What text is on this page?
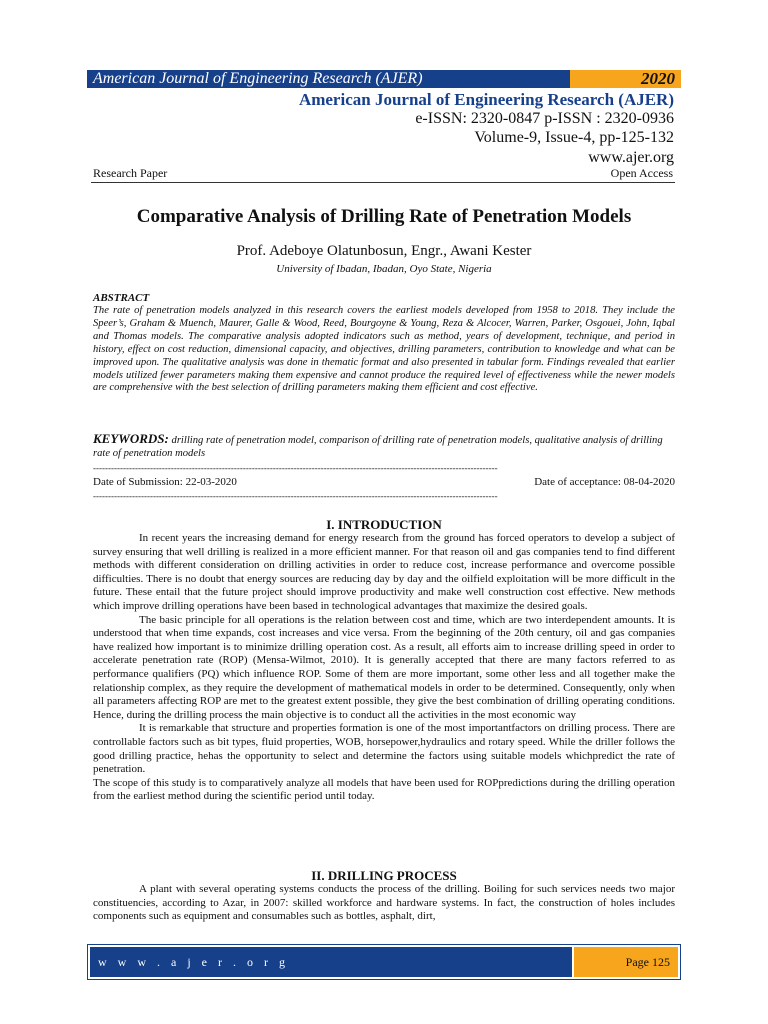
American Journal of Engineering Research (AJER)	2020
American Journal of Engineering Research (AJER)
e-ISSN: 2320-0847 p-ISSN : 2320-0936
Volume-9, Issue-4, pp-125-132
www.ajer.org
Research Paper	Open Access
Comparative Analysis of Drilling Rate of Penetration Models
Prof. Adeboye Olatunbosun, Engr., Awani Kester
University of Ibadan, Ibadan, Oyo State, Nigeria
ABSTRACT
The rate of penetration models analyzed in this research covers the earliest models developed from 1958 to 2018. They include the Speer’s, Graham & Muench, Maurer, Galle & Wood, Reed, Bourgoyne & Young, Reza & Alcocer, Warren, Parker, Osgouei, John, Iqbal and Thomas models. The comparative analysis adopted indicators such as method, years of development, technique, and period in history, effect on cost reduction, dimensional capacity, and objectives, drilling parameters, contribution to knowledge and what can be improved upon. The qualitative analysis was done in thematic format and also presented in tabular form. Findings revealed that earlier models utilized fewer parameters making them expensive and cannot produce the required level of effectiveness while the newer models are comprehensive with the best selection of drilling parameters making them efficient and cost effective.
KEYWORDS: drilling rate of penetration model, comparison of drilling rate of penetration models, qualitative analysis of drilling rate of penetration models
---------------------------------------------------------------------------------------------------------------------------------------
Date of Submission: 22-03-2020	Date of acceptance: 08-04-2020
---------------------------------------------------------------------------------------------------------------------------------------
I. INTRODUCTION

In recent years the increasing demand for energy research from the ground has forced operators to develop a subject of survey ensuring that well drilling is realized in a more efficient manner. For that reason oil and gas companies tend to find different methods with different consideration on drilling activities in order to reduce cost, increase performance and overcome possible difficulties. There is no doubt that energy sources are reducing day by day and the oilfield exploitation will be more difficult in the future. These entail that the future project should improve productivity and make well construction cost effective. New methods which improve drilling operations have been based in technological advantages that maximize the desired goals.

The basic principle for all operations is the relation between cost and time, which are two interdependent amounts. It is understood that when time expands, cost increases and vice versa. From the beginning of the 20th century, oil and gas companies have realized how important is to minimize drilling operation cost. As a result, all efforts aim to increase drilling speed in order to accelerate penetration rate (ROP) (Mensa-Wilmot, 2010). It is generally accepted that there are many factors referred to as performance qualifiers (PQ) which influence ROP. Some of them are more important, some other less and all together make the relationship complex, as they require the development of mathematical models in order to be determined. Consequently, only when all parameters affecting ROP are met to the greatest extent possible, they give the best combination of drilling operating conditions. Hence, during the drilling process the main objective is to conduct all the activities in the most economic way

It is remarkable that structure and properties formation is one of the most importantfactors on drilling process. There are controllable factors such as bit types, fluid properties, WOB, horsepower,hydraulics and rotary speed. While the driller follows the good drilling practice, hehas the opportunity to select and determine the factors using suitable models whichpredict the rate of penetration.

The scope of this study is to comparatively analyze all models that have been used for ROPpredictions during the drilling operation from the earliest method during the scientific period until today.

II. DRILLING PROCESS

A plant with several operating systems conducts the process of the drilling. Boiling for such services needs two major constituencies, according to Azar, in 2007: skilled workforce and hardware systems. In fact, the construction of holes includes components such as equipment and consumables such as bottles, asphalt, dirt,

w w w . a j e r . o r g	Page 125
